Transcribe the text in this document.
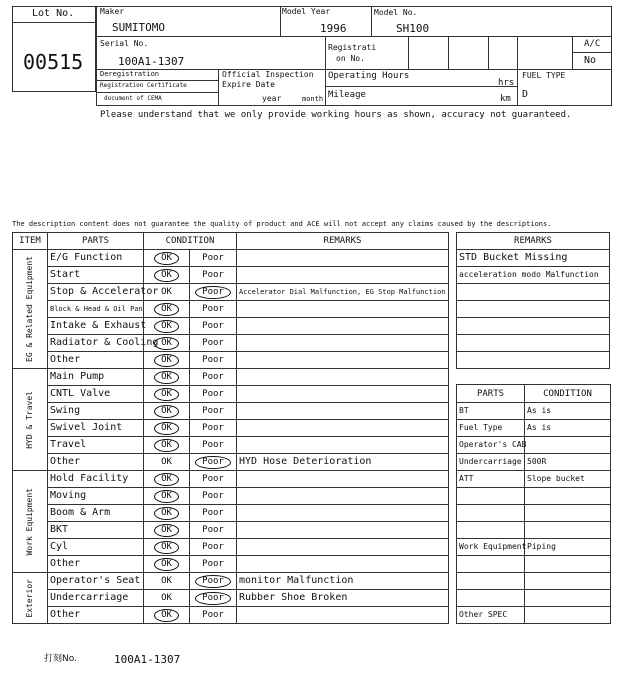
Lot No.
00515
Maker
SUMITOMO
Model Year
1996
Model No.
SH100
Serial No.
100A1-1307
Registrati
on No.
A/C
No
Deregistration
Registration Certificate
document of CEMA
Official Inspection
Expire Date
year	month
Operating Hours
hrs
Mileage	km
FUEL TYPE
D
Please understand that we only provide working hours as shown, accuracy not guaranteed.
The description content does not guarantee the quality of product and ACE will not accept any claims caused by the descriptions.
ITEM	PARTS	CONDITION		REMARKS

EG & Related Equipment	E/G Function	OK	Poor	
	Start	OK	Poor	
	Stop & Accelerator	OK	Poor	Accelerator Dial Malfunction, EG Stop Malfunction
	Block & Head & Oil Pan	OK	Poor	
	Intake & Exhaust	OK	Poor	
	Radiator & Cooling	OK	Poor	
	Other	OK	Poor	

HYD & Travel	Main Pump	OK	Poor	
	CNTL Valve	OK	Poor	
	Swing	OK	Poor	
	Swivel Joint	OK	Poor	
	Travel	OK	Poor	
	Other	OK	Poor	HYD Hose Deterioration

Work Equipment	Hold Facility	OK	Poor	
	Moving	OK	Poor	
	Boom & Arm	OK	Poor	
	BKT	OK	Poor	
	Cyl	OK	Poor	
	Other	OK	Poor	

Exterior	Operator's Seat	OK	Poor	monitor Malfunction
	Undercarriage	OK	Poor	Rubber Shoe Broken
	Other	OK	Poor	
REMARKS
STD Bucket Missing
acceleration modo Malfunction

PARTS	CONDITION
BT	As is
Fuel Type	As is
Operator's CAB	
Undercarriage	500R
ATT	Slope bucket

Work Equipment	Piping

Other SPEC	
打刻No.	100A1-1307
